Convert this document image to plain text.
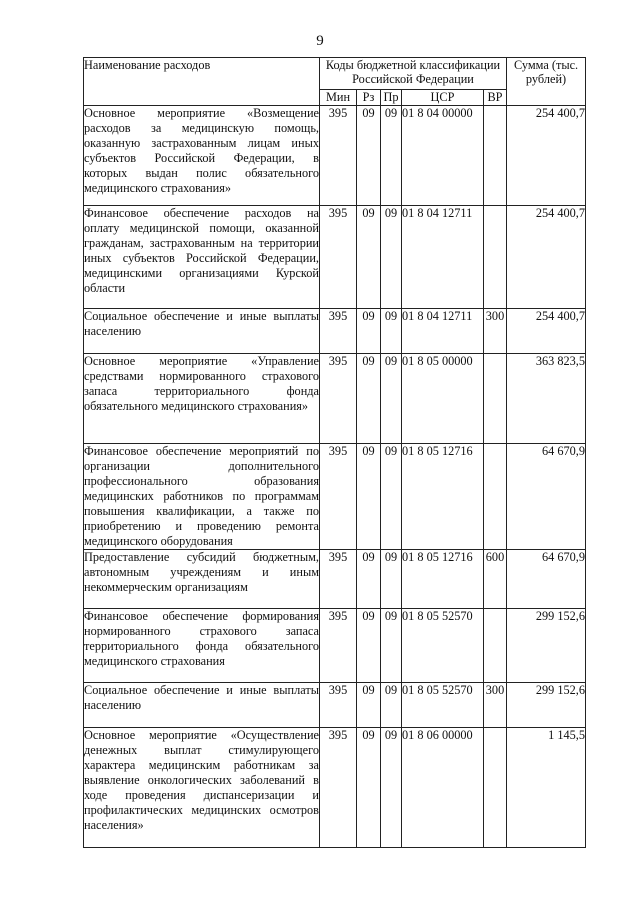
9
Наименование расходов	Коды бюджетной классификации Российской Федерации					Сумма (тыс. рублей)
	Мин	Рз	Пр	ЦСР	ВР	
Основное мероприятие «Возмещение расходов за медицинскую помощь, оказанную застрахованным лицам иных субъектов Российской Федерации, в которых выдан полис обязательного медицинского страхования»	395	09	09	01 8 04 00000		254 400,7
Финансовое обеспечение расходов на оплату медицинской помощи, оказанной гражданам, застрахованным на территории иных субъектов Российской Федерации, медицинскими организациями Курской области	395	09	09	01 8 04 12711		254 400,7
Социальное обеспечение и иные выплаты населению	395	09	09	01 8 04 12711	300	254 400,7
Основное мероприятие «Управление средствами нормированного страхового запаса территориального фонда обязательного медицинского страхования»	395	09	09	01 8 05 00000		363 823,5
Финансовое обеспечение мероприятий по организации дополнительного профессионального образования медицинских работников по программам повышения квалификации, а также по приобретению и проведению ремонта медицинского оборудования	395	09	09	01 8 05 12716		64 670,9
Предоставление субсидий бюджетным, автономным учреждениям и иным некоммерческим организациям	395	09	09	01 8 05 12716	600	64 670,9
Финансовое обеспечение формирования нормированного страхового запаса территориального фонда обязательного медицинского страхования	395	09	09	01 8 05 52570		299 152,6
Социальное обеспечение и иные выплаты населению	395	09	09	01 8 05 52570	300	299 152,6
Основное мероприятие «Осуществление денежных выплат стимулирующего характера медицинским работникам за выявление онкологических заболеваний в ходе проведения диспансеризации и профилактических медицинских осмотров населения»	395	09	09	01 8 06 00000		1 145,5
